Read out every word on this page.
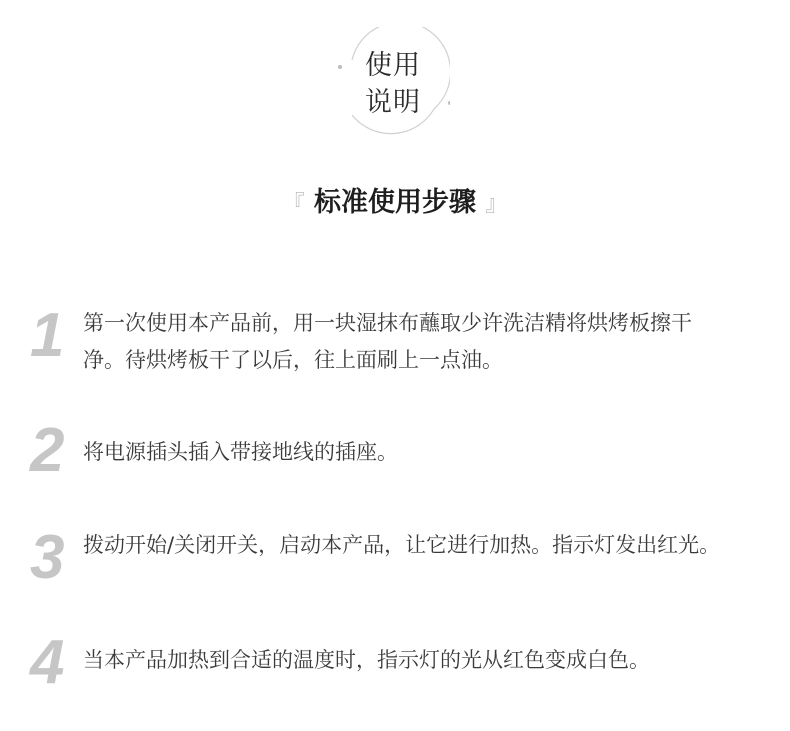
使用
说明
『 标准使用步骤 』
1 第一次使用本产品前，用一块湿抹布蘸取少许洗洁精将烘烤板擦干净。待烘烤板干了以后，往上面刷上一点油。
2 将电源插头插入带接地线的插座。
3 拨动开始/关闭开关，启动本产品，让它进行加热。指示灯发出红光。
4 当本产品加热到合适的温度时，指示灯的光从红色变成白色。
